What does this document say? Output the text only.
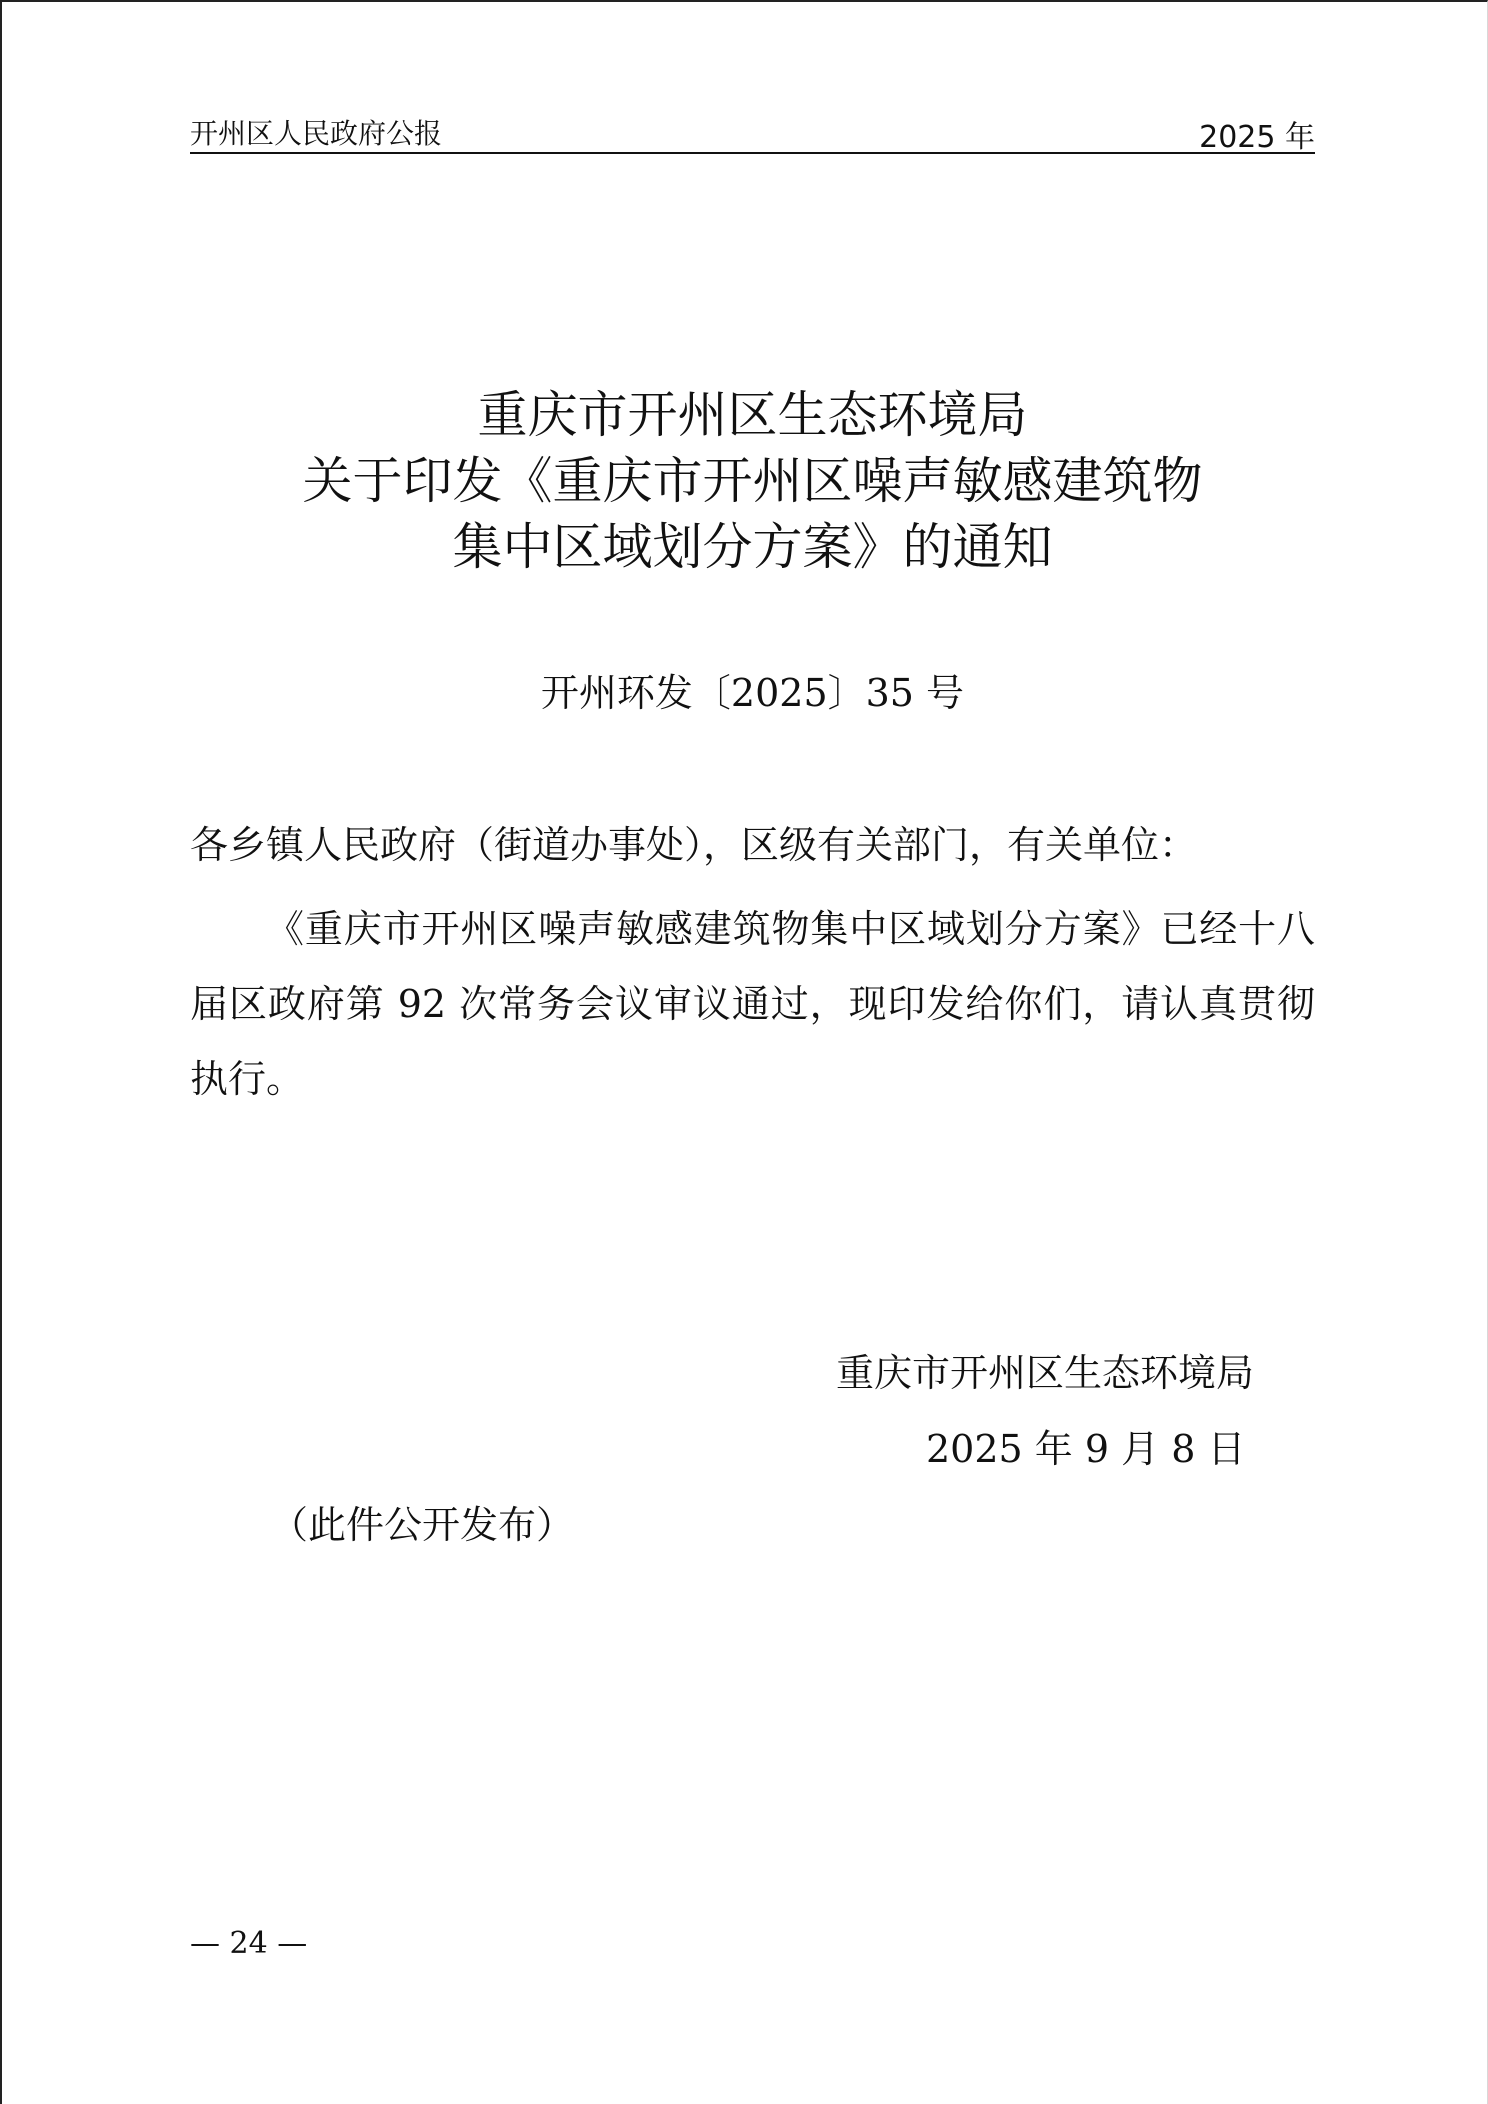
开州区人民政府公报	2025 年
重庆市开州区生态环境局
关于印发《重庆市开州区噪声敏感建筑物
集中区域划分方案》的通知
开州环发〔2025〕35 号
各乡镇人民政府（街道办事处），区级有关部门，有关单位：
《重庆市开州区噪声敏感建筑物集中区域划分方案》已经十八届区政府第 92 次常务会议审议通过，现印发给你们，请认真贯彻执行。
重庆市开州区生态环境局
2025 年 9 月 8 日
（此件公开发布）
— 24 —
